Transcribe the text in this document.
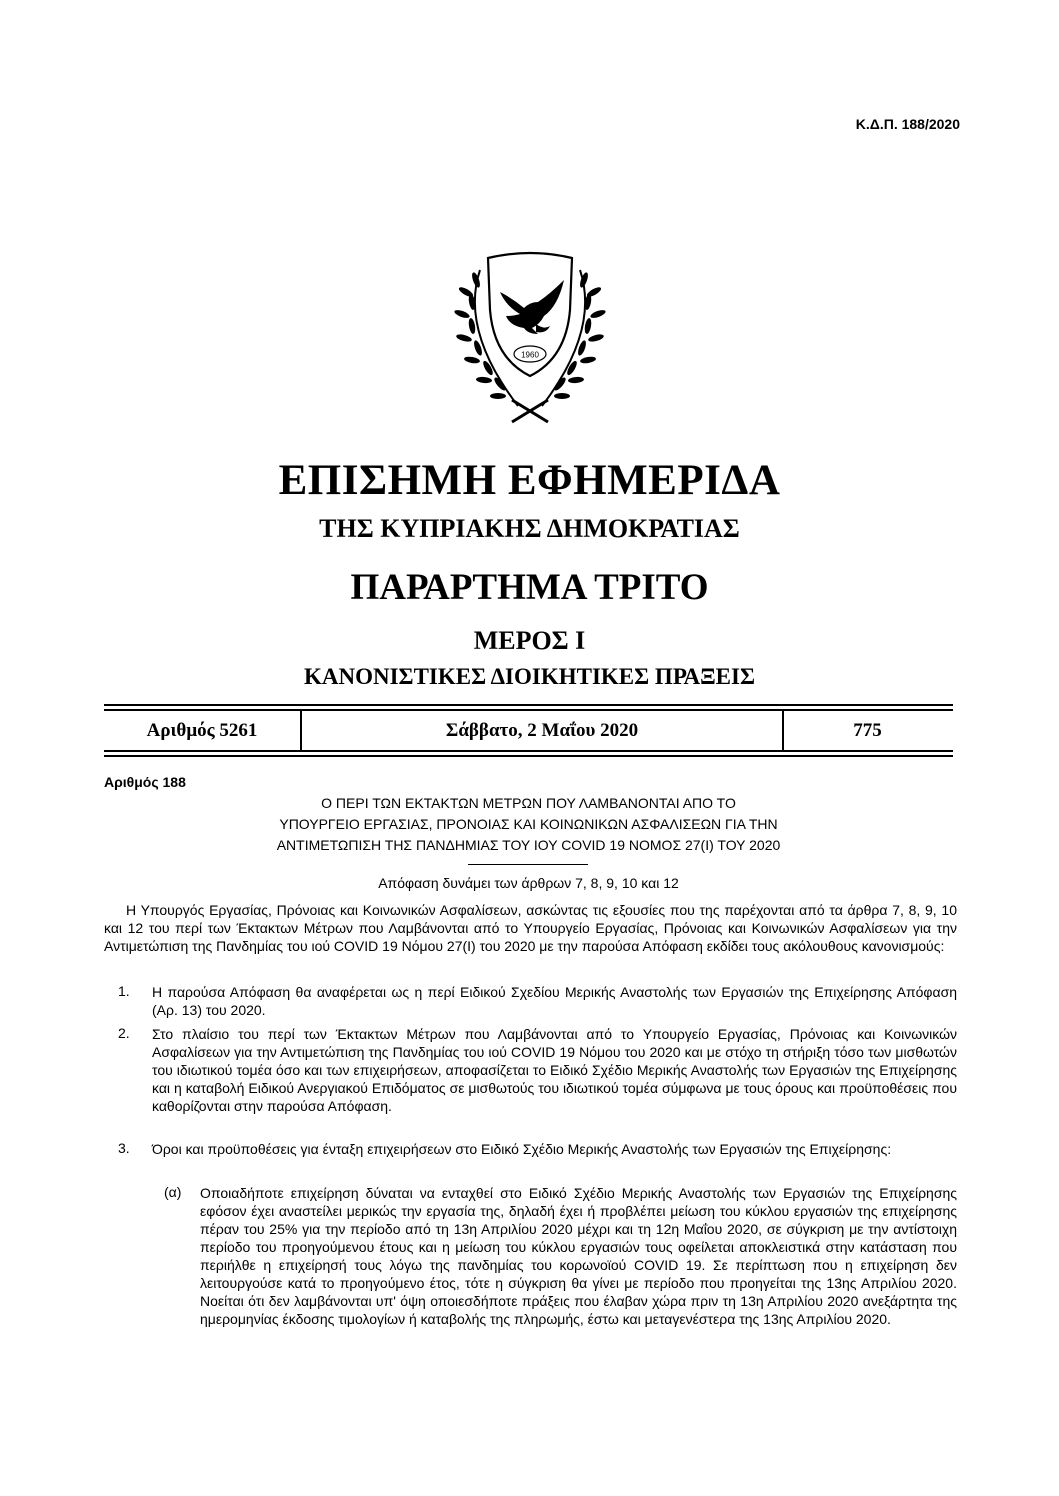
Κ.Δ.Π. 188/2020
1960
ΕΠΙΣΗΜΗ ΕΦΗΜΕΡΙΔΑ
ΤΗΣ ΚΥΠΡΙΑΚΗΣ ΔΗΜΟΚΡΑΤΙΑΣ
ΠΑΡΑΡΤΗΜΑ ΤΡΙΤΟ
ΜΕΡΟΣ Ι
ΚΑΝΟΝΙΣΤΙΚΕΣ ΔΙΟΙΚΗΤΙΚΕΣ ΠΡΑΞΕΙΣ
Αριθμός 5261	Σάββατο, 2 Μαΐου 2020	775
Αριθμός 188
Ο ΠΕΡΙ ΤΩΝ ΕΚΤΑΚΤΩΝ ΜΕΤΡΩΝ ΠΟΥ ΛΑΜΒΑΝΟΝΤΑΙ ΑΠΟ ΤΟ
ΥΠΟΥΡΓΕΙΟ ΕΡΓΑΣΙΑΣ, ΠΡΟΝΟΙΑΣ ΚΑΙ ΚΟΙΝΩΝΙΚΩΝ ΑΣΦΑΛΙΣΕΩΝ ΓΙΑ ΤΗΝ
ΑΝΤΙΜΕΤΩΠΙΣΗ ΤΗΣ ΠΑΝΔΗΜΙΑΣ ΤΟΥ ΙΟΥ COVID 19 ΝΟΜΟΣ 27(Ι) ΤΟΥ 2020
Απόφαση δυνάμει των άρθρων 7, 8, 9, 10 και 12
Η Υπουργός Εργασίας, Πρόνοιας και Κοινωνικών Ασφαλίσεων, ασκώντας τις εξουσίες που της παρέχονται από τα άρθρα 7, 8, 9, 10 και 12 του περί των Έκτακτων Μέτρων που Λαμβάνονται από το Υπουργείο Εργασίας, Πρόνοιας και Κοινωνικών Ασφαλίσεων για την Αντιμετώπιση της Πανδημίας του ιού COVID 19 Νόμου 27(Ι) του 2020 με την παρούσα Απόφαση εκδίδει τους ακόλουθους κανονισμούς:
1. Η παρούσα Απόφαση θα αναφέρεται ως η περί Ειδικού Σχεδίου Μερικής Αναστολής των Εργασιών της Επιχείρησης Απόφαση (Αρ. 13) του 2020.
2. Στο πλαίσιο του περί των Έκτακτων Μέτρων που Λαμβάνονται από το Υπουργείο Εργασίας, Πρόνοιας και Κοινωνικών Ασφαλίσεων για την Αντιμετώπιση της Πανδημίας του ιού COVID 19 Νόμου του 2020 και με στόχο τη στήριξη τόσο των μισθωτών του ιδιωτικού τομέα όσο και των επιχειρήσεων, αποφασίζεται το Ειδικό Σχέδιο Μερικής Αναστολής των Εργασιών της Επιχείρησης και η καταβολή Ειδικού Ανεργιακού Επιδόματος σε μισθωτούς του ιδιωτικού τομέα σύμφωνα με τους όρους και προϋποθέσεις που καθορίζονται στην παρούσα Απόφαση.
3. Όροι και προϋποθέσεις για ένταξη επιχειρήσεων στο Ειδικό Σχέδιο Μερικής Αναστολής των Εργασιών της Επιχείρησης:
(α) Οποιαδήποτε επιχείρηση δύναται να ενταχθεί στο Ειδικό Σχέδιο Μερικής Αναστολής των Εργασιών της Επιχείρησης εφόσον έχει αναστείλει μερικώς την εργασία της, δηλαδή έχει ή προβλέπει μείωση του κύκλου εργασιών της επιχείρησης πέραν του 25% για την περίοδο από τη 13η Απριλίου 2020 μέχρι και τη 12η Μαΐου 2020, σε σύγκριση με την αντίστοιχη περίοδο του προηγούμενου έτους και η μείωση του κύκλου εργασιών τους οφείλεται αποκλειστικά στην κατάσταση που περιήλθε η επιχείρησή τους λόγω της πανδημίας του κορωνοϊού COVID 19. Σε περίπτωση που η επιχείρηση δεν λειτουργούσε κατά το προηγούμενο έτος, τότε η σύγκριση θα γίνει με περίοδο που προηγείται της 13ης Απριλίου 2020. Νοείται ότι δεν λαμβάνονται υπ' όψη οποιεσδήποτε πράξεις που έλαβαν χώρα πριν τη 13η Απριλίου 2020 ανεξάρτητα της ημερομηνίας έκδοσης τιμολογίων ή καταβολής της πληρωμής, έστω και μεταγενέστερα της 13ης Απριλίου 2020.
